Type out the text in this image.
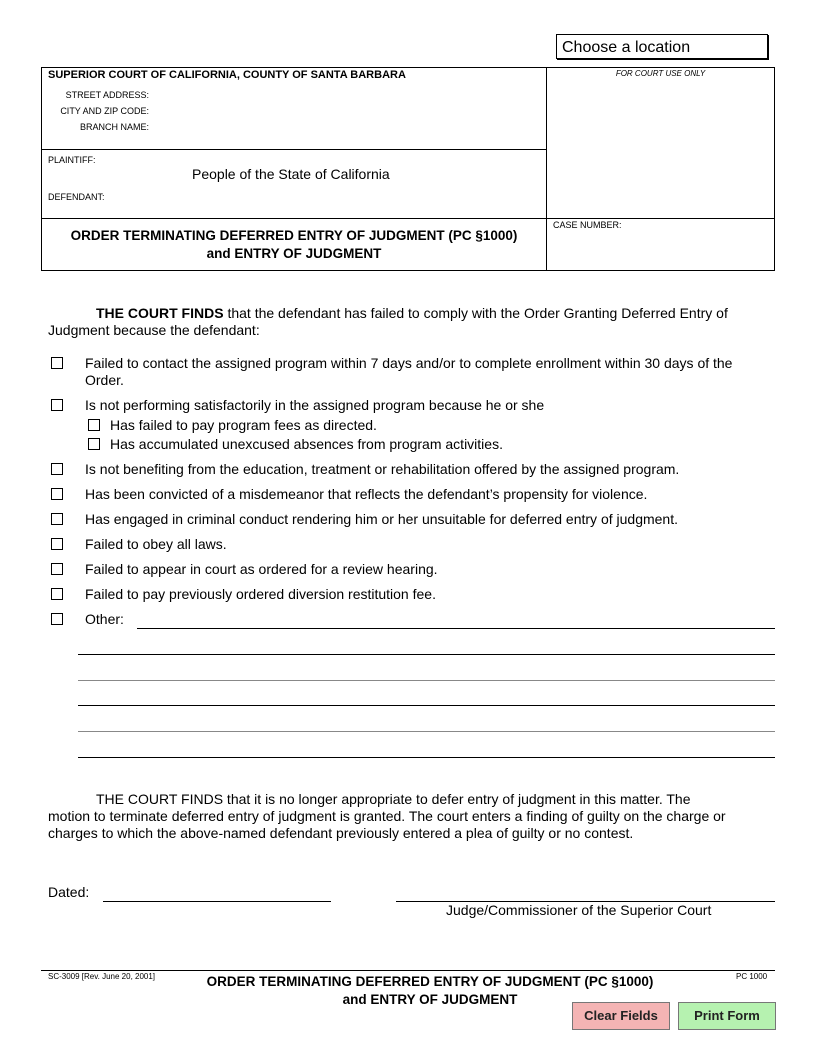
Choose a location
SUPERIOR COURT OF CALIFORNIA, COUNTY OF SANTA BARBARA
STREET ADDRESS:
CITY AND ZIP CODE:
BRANCH NAME:
FOR COURT USE ONLY
PLAINTIFF:
People of the State of California
DEFENDANT:
ORDER TERMINATING DEFERRED ENTRY OF JUDGMENT (PC §1000)
and ENTRY OF JUDGMENT
CASE NUMBER:
THE COURT FINDS that the defendant has failed to comply with the Order Granting Deferred Entry of
Judgment because the defendant:
Failed to contact the assigned program within 7 days and/or to complete enrollment within 30 days of the
Order.
Is not performing satisfactorily in the assigned program because he or she
Has failed to pay program fees as directed.
Has accumulated unexcused absences from program activities.
Is not benefiting from the education, treatment or rehabilitation offered by the assigned program.
Has been convicted of a misdemeanor that reflects the defendant’s propensity for violence.
Has engaged in criminal conduct rendering him or her unsuitable for deferred entry of judgment.
Failed to obey all laws.
Failed to appear in court as ordered for a review hearing.
Failed to pay previously ordered diversion restitution fee.
Other:
THE COURT FINDS that it is no longer appropriate to defer entry of judgment in this matter. The
motion to terminate deferred entry of judgment is granted. The court enters a finding of guilty on the charge or
charges to which the above-named defendant previously entered a plea of guilty or no contest.
Dated:
Judge/Commissioner of the Superior Court
SC-3009 [Rev. June 20, 2001]	PC 1000
ORDER TERMINATING DEFERRED ENTRY OF JUDGMENT (PC §1000)
and ENTRY OF JUDGMENT
Clear Fields	Print Form
